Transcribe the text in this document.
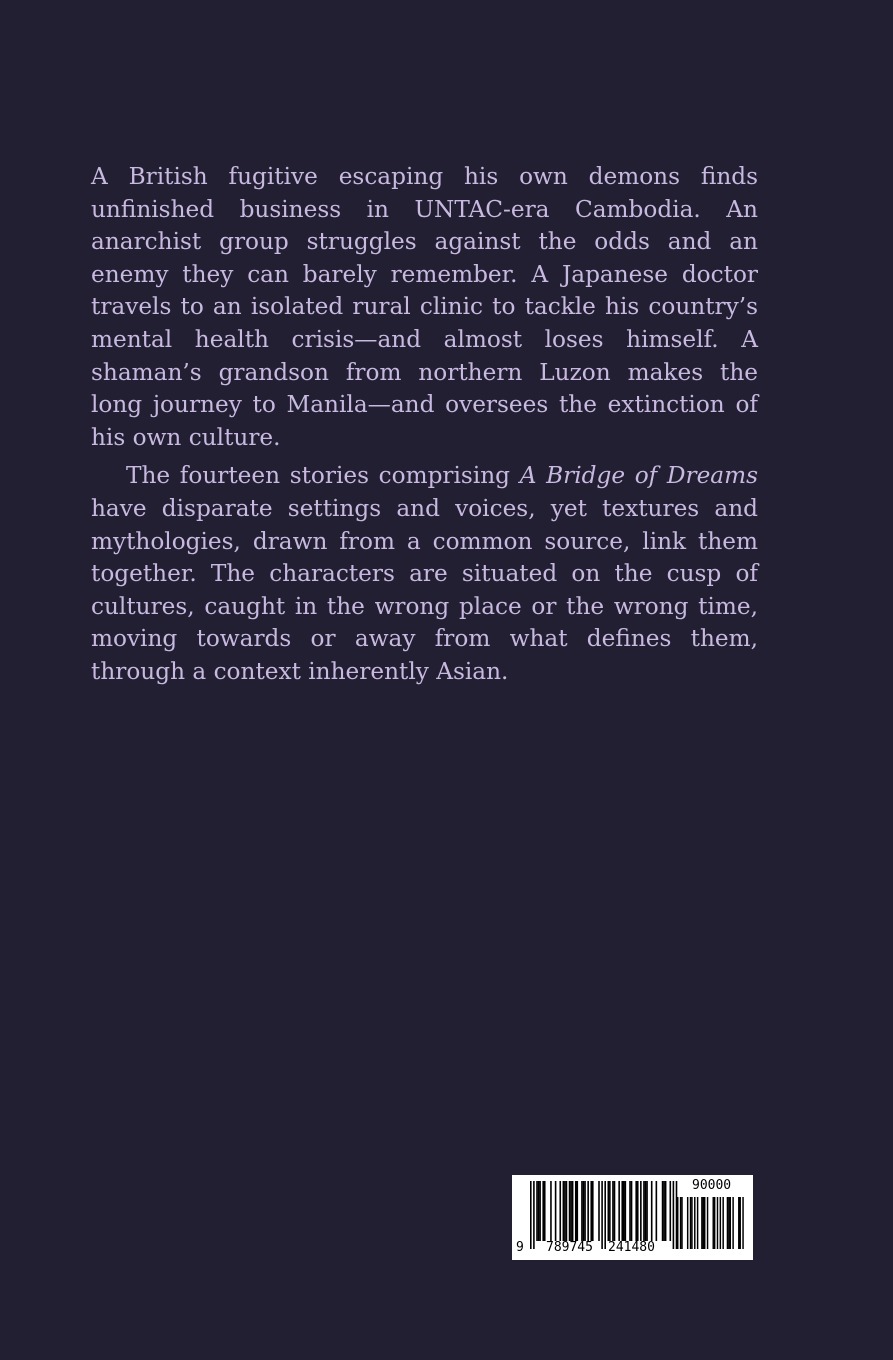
A British fugitive escaping his own demons finds unfinished business in UNTAC-era Cambodia. An anarchist group struggles against the odds and an enemy they can barely remember. A Japanese doctor travels to an isolated rural clinic to tackle his country’s mental health crisis—and almost loses himself. A shaman’s grandson from northern Luzon makes the long journey to Manila—and oversees the extinction of his own culture.

The fourteen stories comprising A Bridge of Dreams have disparate settings and voices, yet textures and mythologies, drawn from a common source, link them together. The characters are situated on the cusp of cultures, caught in the wrong place or the wrong time, moving towards or away from what defines them, through a context inherently Asian.

9 789745 241480
90000
